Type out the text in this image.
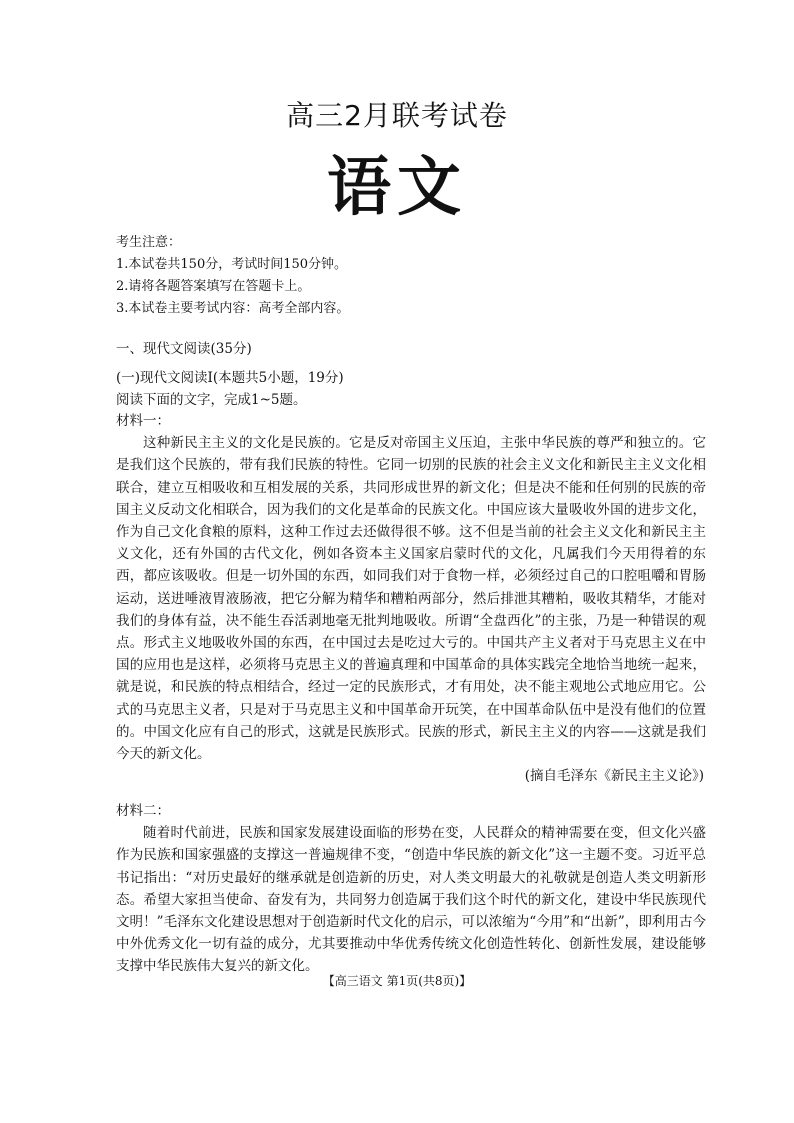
高三2月联考试卷
语文
考生注意：
1.本试卷共150分，考试时间150分钟。
2.请将各题答案填写在答题卡上。
3.本试卷主要考试内容：高考全部内容。
一、现代文阅读(35分)
(一)现代文阅读Ⅰ(本题共5小题，19分)
阅读下面的文字，完成1~5题。
材料一：

这种新民主主义的文化是民族的。它是反对帝国主义压迫，主张中华民族的尊严和独立的。它是我们这个民族的，带有我们民族的特性。它同一切别的民族的社会主义文化和新民主主义文化相联合，建立互相吸收和互相发展的关系，共同形成世界的新文化；但是决不能和任何别的民族的帝国主义反动文化相联合，因为我们的文化是革命的民族文化。中国应该大量吸收外国的进步文化，作为自己文化食粮的原料，这种工作过去还做得很不够。这不但是当前的社会主义文化和新民主主义文化，还有外国的古代文化，例如各资本主义国家启蒙时代的文化，凡属我们今天用得着的东西，都应该吸收。但是一切外国的东西，如同我们对于食物一样，必须经过自己的口腔咀嚼和胃肠运动，送进唾液胃液肠液，把它分解为精华和糟粕两部分，然后排泄其糟粕，吸收其精华，才能对我们的身体有益，决不能生吞活剥地毫无批判地吸收。所谓“全盘西化”的主张，乃是一种错误的观点。形式主义地吸收外国的东西，在中国过去是吃过大亏的。中国共产主义者对于马克思主义在中国的应用也是这样，必须将马克思主义的普遍真理和中国革命的具体实践完全地恰当地统一起来，就是说，和民族的特点相结合，经过一定的民族形式，才有用处，决不能主观地公式地应用它。公式的马克思主义者，只是对于马克思主义和中国革命开玩笑，在中国革命队伍中是没有他们的位置的。中国文化应有自己的形式，这就是民族形式。民族的形式，新民主主义的内容——这就是我们今天的新文化。

(摘自毛泽东《新民主主义论》)
材料二：

随着时代前进，民族和国家发展建设面临的形势在变，人民群众的精神需要在变，但文化兴盛作为民族和国家强盛的支撑这一普遍规律不变，“创造中华民族的新文化”这一主题不变。习近平总书记指出：“对历史最好的继承就是创造新的历史，对人类文明最大的礼敬就是创造人类文明新形态。希望大家担当使命、奋发有为，共同努力创造属于我们这个时代的新文化，建设中华民族现代文明！”毛泽东文化建设思想对于创造新时代文化的启示，可以浓缩为“今用”和“出新”，即利用古今中外优秀文化一切有益的成分，尤其要推动中华优秀传统文化创造性转化、创新性发展，建设能够支撑中华民族伟大复兴的新文化。

【高三语文 第1页(共8页)】
